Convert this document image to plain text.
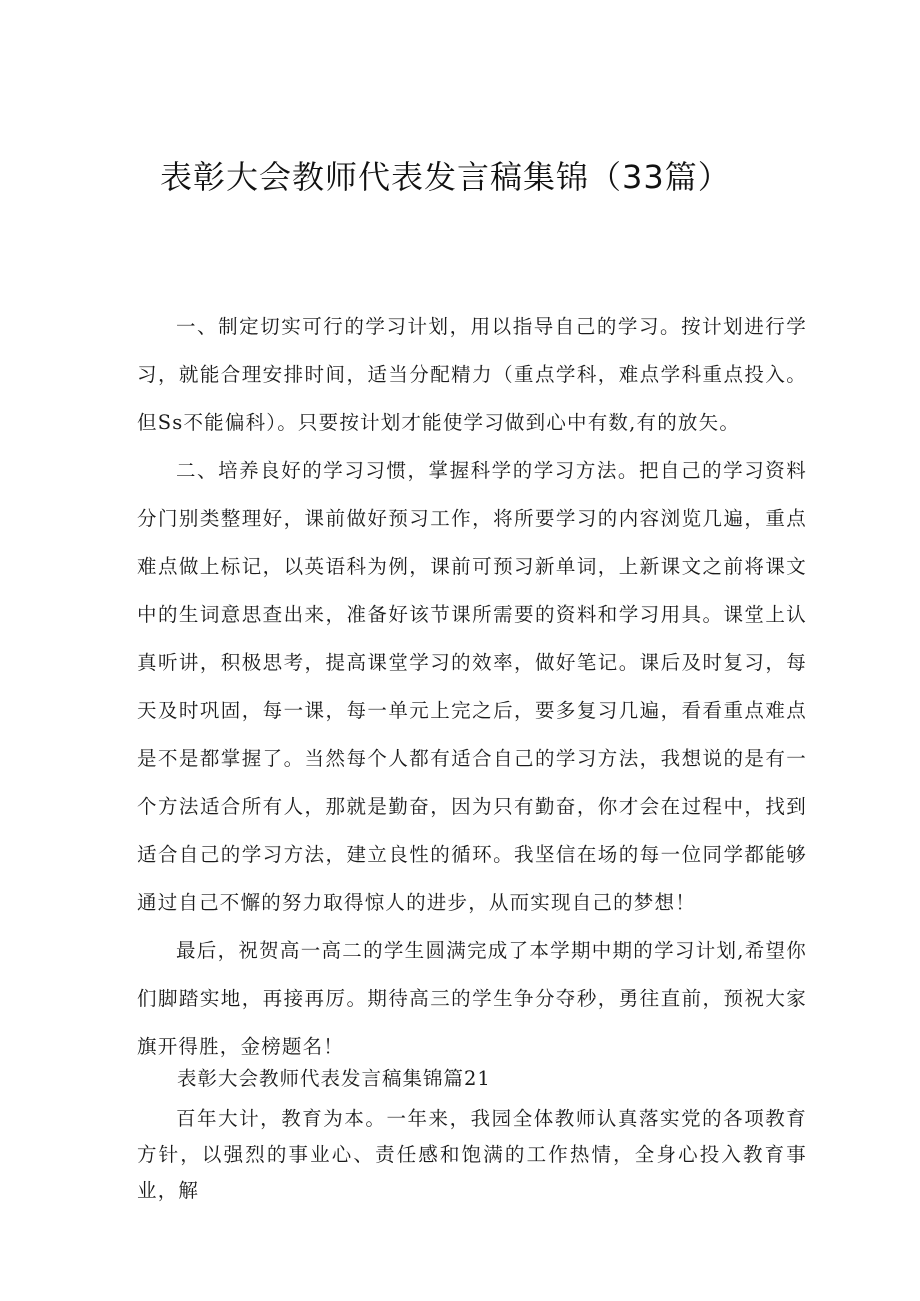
表彰大会教师代表发言稿集锦（33篇）

一、制定切实可行的学习计划，用以指导自己的学习。按计划进行学习，就能合理安排时间，适当分配精力（重点学科，难点学科重点投入。但Ss不能偏科）。只要按计划才能使学习做到心中有数,有的放矢。

二、培养良好的学习习惯，掌握科学的学习方法。把自己的学习资料分门别类整理好，课前做好预习工作，将所要学习的内容浏览几遍，重点难点做上标记，以英语科为例，课前可预习新单词，上新课文之前将课文中的生词意思查出来，准备好该节课所需要的资料和学习用具。课堂上认真听讲，积极思考，提高课堂学习的效率，做好笔记。课后及时复习，每天及时巩固，每一课，每一单元上完之后，要多复习几遍，看看重点难点是不是都掌握了。当然每个人都有适合自己的学习方法，我想说的是有一个方法适合所有人，那就是勤奋，因为只有勤奋，你才会在过程中，找到适合自己的学习方法，建立良性的循环。我坚信在场的每一位同学都能够通过自己不懈的努力取得惊人的进步，从而实现自己的梦想！

最后，祝贺高一高二的学生圆满完成了本学期中期的学习计划,希望你们脚踏实地，再接再厉。期待高三的学生争分夺秒，勇往直前，预祝大家旗开得胜，金榜题名！

表彰大会教师代表发言稿集锦篇21

百年大计，教育为本。一年来，我园全体教师认真落实党的各项教育方针，以强烈的事业心、责任感和饱满的工作热情，全身心投入教育事业，解
